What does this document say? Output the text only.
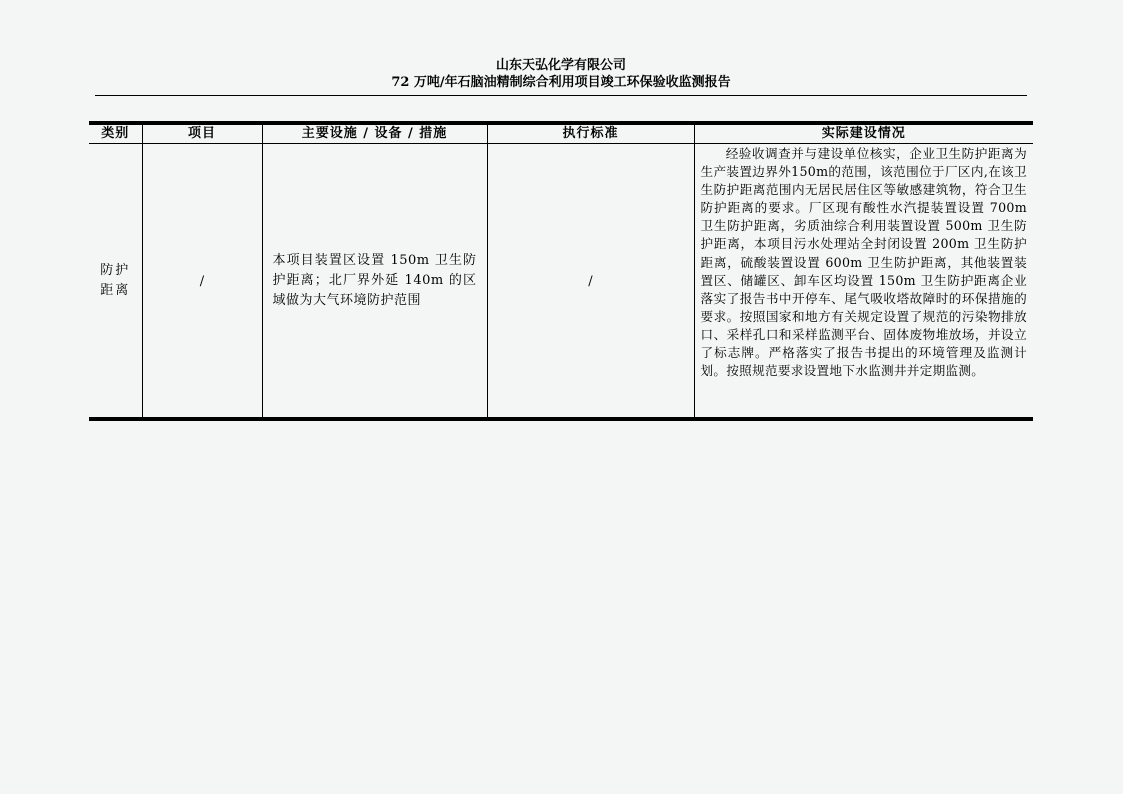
山东天弘化学有限公司
72 万吨/年石脑油精制综合利用项目竣工环保验收监测报告
类别	项目	主要设施 / 设备 / 措施	执行标准	实际建设情况
防护距离	/	本项目装置区设置 150m 卫生防护距离；北厂界外延 140m 的区域做为大气环境防护范围	/	经验收调查并与建设单位核实，企业卫生防护距离为生产装置边界外150m的范围，该范围位于厂区内,在该卫生防护距离范围内无居民居住区等敏感建筑物，符合卫生防护距离的要求。厂区现有酸性水汽提装置设置 700m 卫生防护距离，劣质油综合利用装置设置 500m 卫生防护距离，本项目污水处理站全封闭设置 200m 卫生防护距离，硫酸装置设置 600m 卫生防护距离，其他装置装置区、储罐区、卸车区均设置 150m 卫生防护距离企业落实了报告书中开停车、尾气吸收塔故障时的环保措施的要求。按照国家和地方有关规定设置了规范的污染物排放口、采样孔口和采样监测平台、固体废物堆放场，并设立了标志牌。严格落实了报告书提出的环境管理及监测计划。按照规范要求设置地下水监测井并定期监测。
